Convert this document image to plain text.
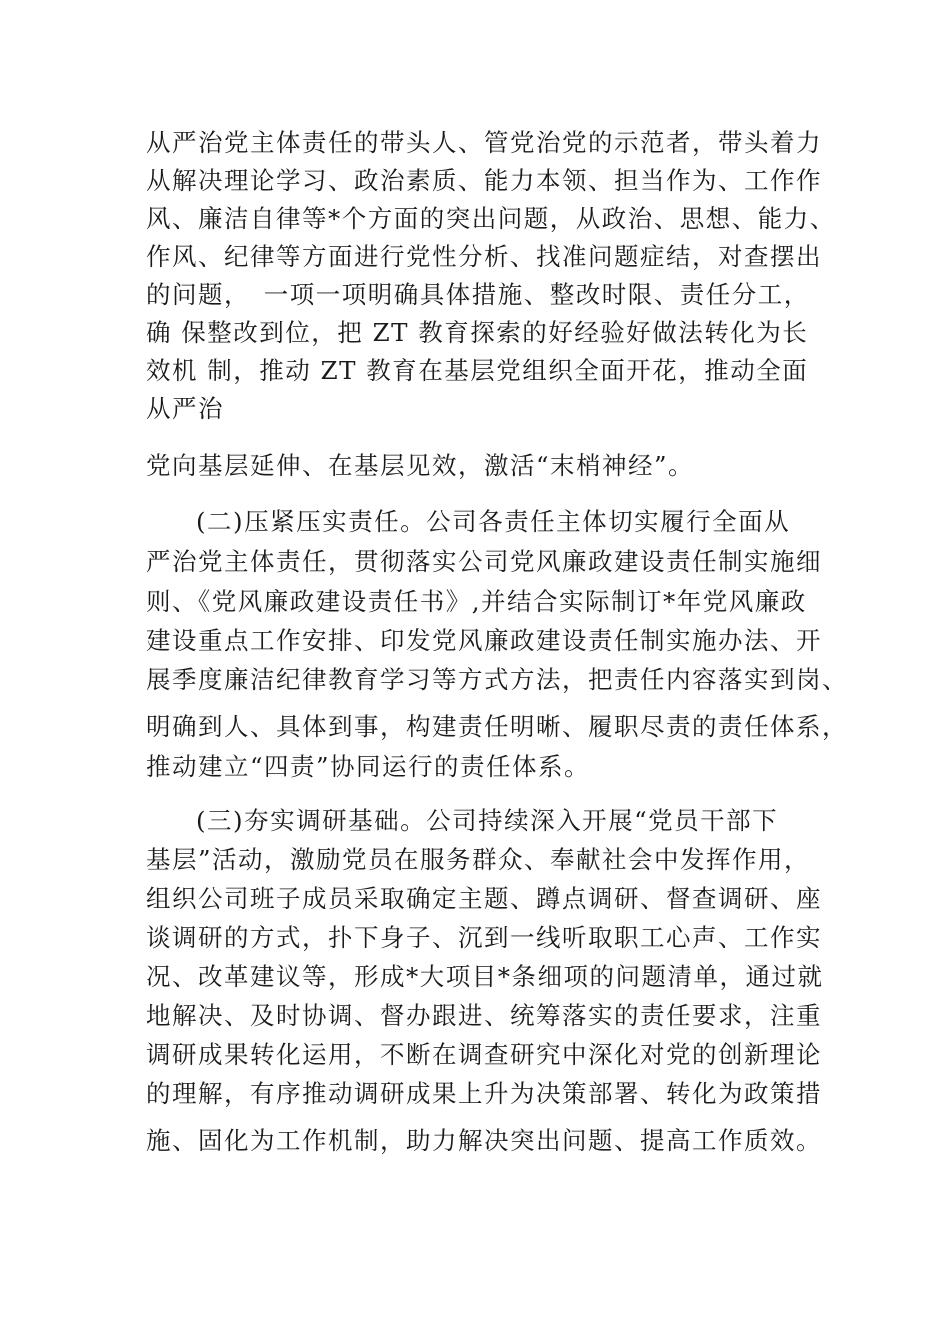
从严治党主体责任的带头人、管党治党的示范者，带头着力
从解决理论学习、政治素质、能力本领、担当作为、工作作
风、廉洁自律等*个方面的突出问题，从政治、思想、能力、
作风、纪律等方面进行党性分析、找准问题症结，对查摆出
的问题，　一项一项明确具体措施、整改时限、责任分工，
确 保整改到位，把 ZT 教育探索的好经验好做法转化为长
效机 制，推动 ZT 教育在基层党组织全面开花，推动全面
从严治
党向基层延伸、在基层见效，激活“末梢神经”。
(二)压紧压实责任。公司各责任主体切实履行全面从
严治党主体责任，贯彻落实公司党风廉政建设责任制实施细
则、《党风廉政建设责任书》,并结合实际制订*年党风廉政
建设重点工作安排、印发党风廉政建设责任制实施办法、开
展季度廉洁纪律教育学习等方式方法，把责任内容落实到岗、
明确到人、具体到事，构建责任明晰、履职尽责的责任体系，
推动建立“四责”协同运行的责任体系。
(三)夯实调研基础。公司持续深入开展“党员干部下
基层”活动，激励党员在服务群众、奉献社会中发挥作用，
组织公司班子成员采取确定主题、蹲点调研、督查调研、座
谈调研的方式，扑下身子、沉到一线听取职工心声、工作实
况、改革建议等，形成*大项目*条细项的问题清单，通过就
地解决、及时协调、督办跟进、统筹落实的责任要求，注重
调研成果转化运用，不断在调查研究中深化对党的创新理论
的理解，有序推动调研成果上升为决策部署、转化为政策措
施、固化为工作机制，助力解决突出问题、提高工作质效。
